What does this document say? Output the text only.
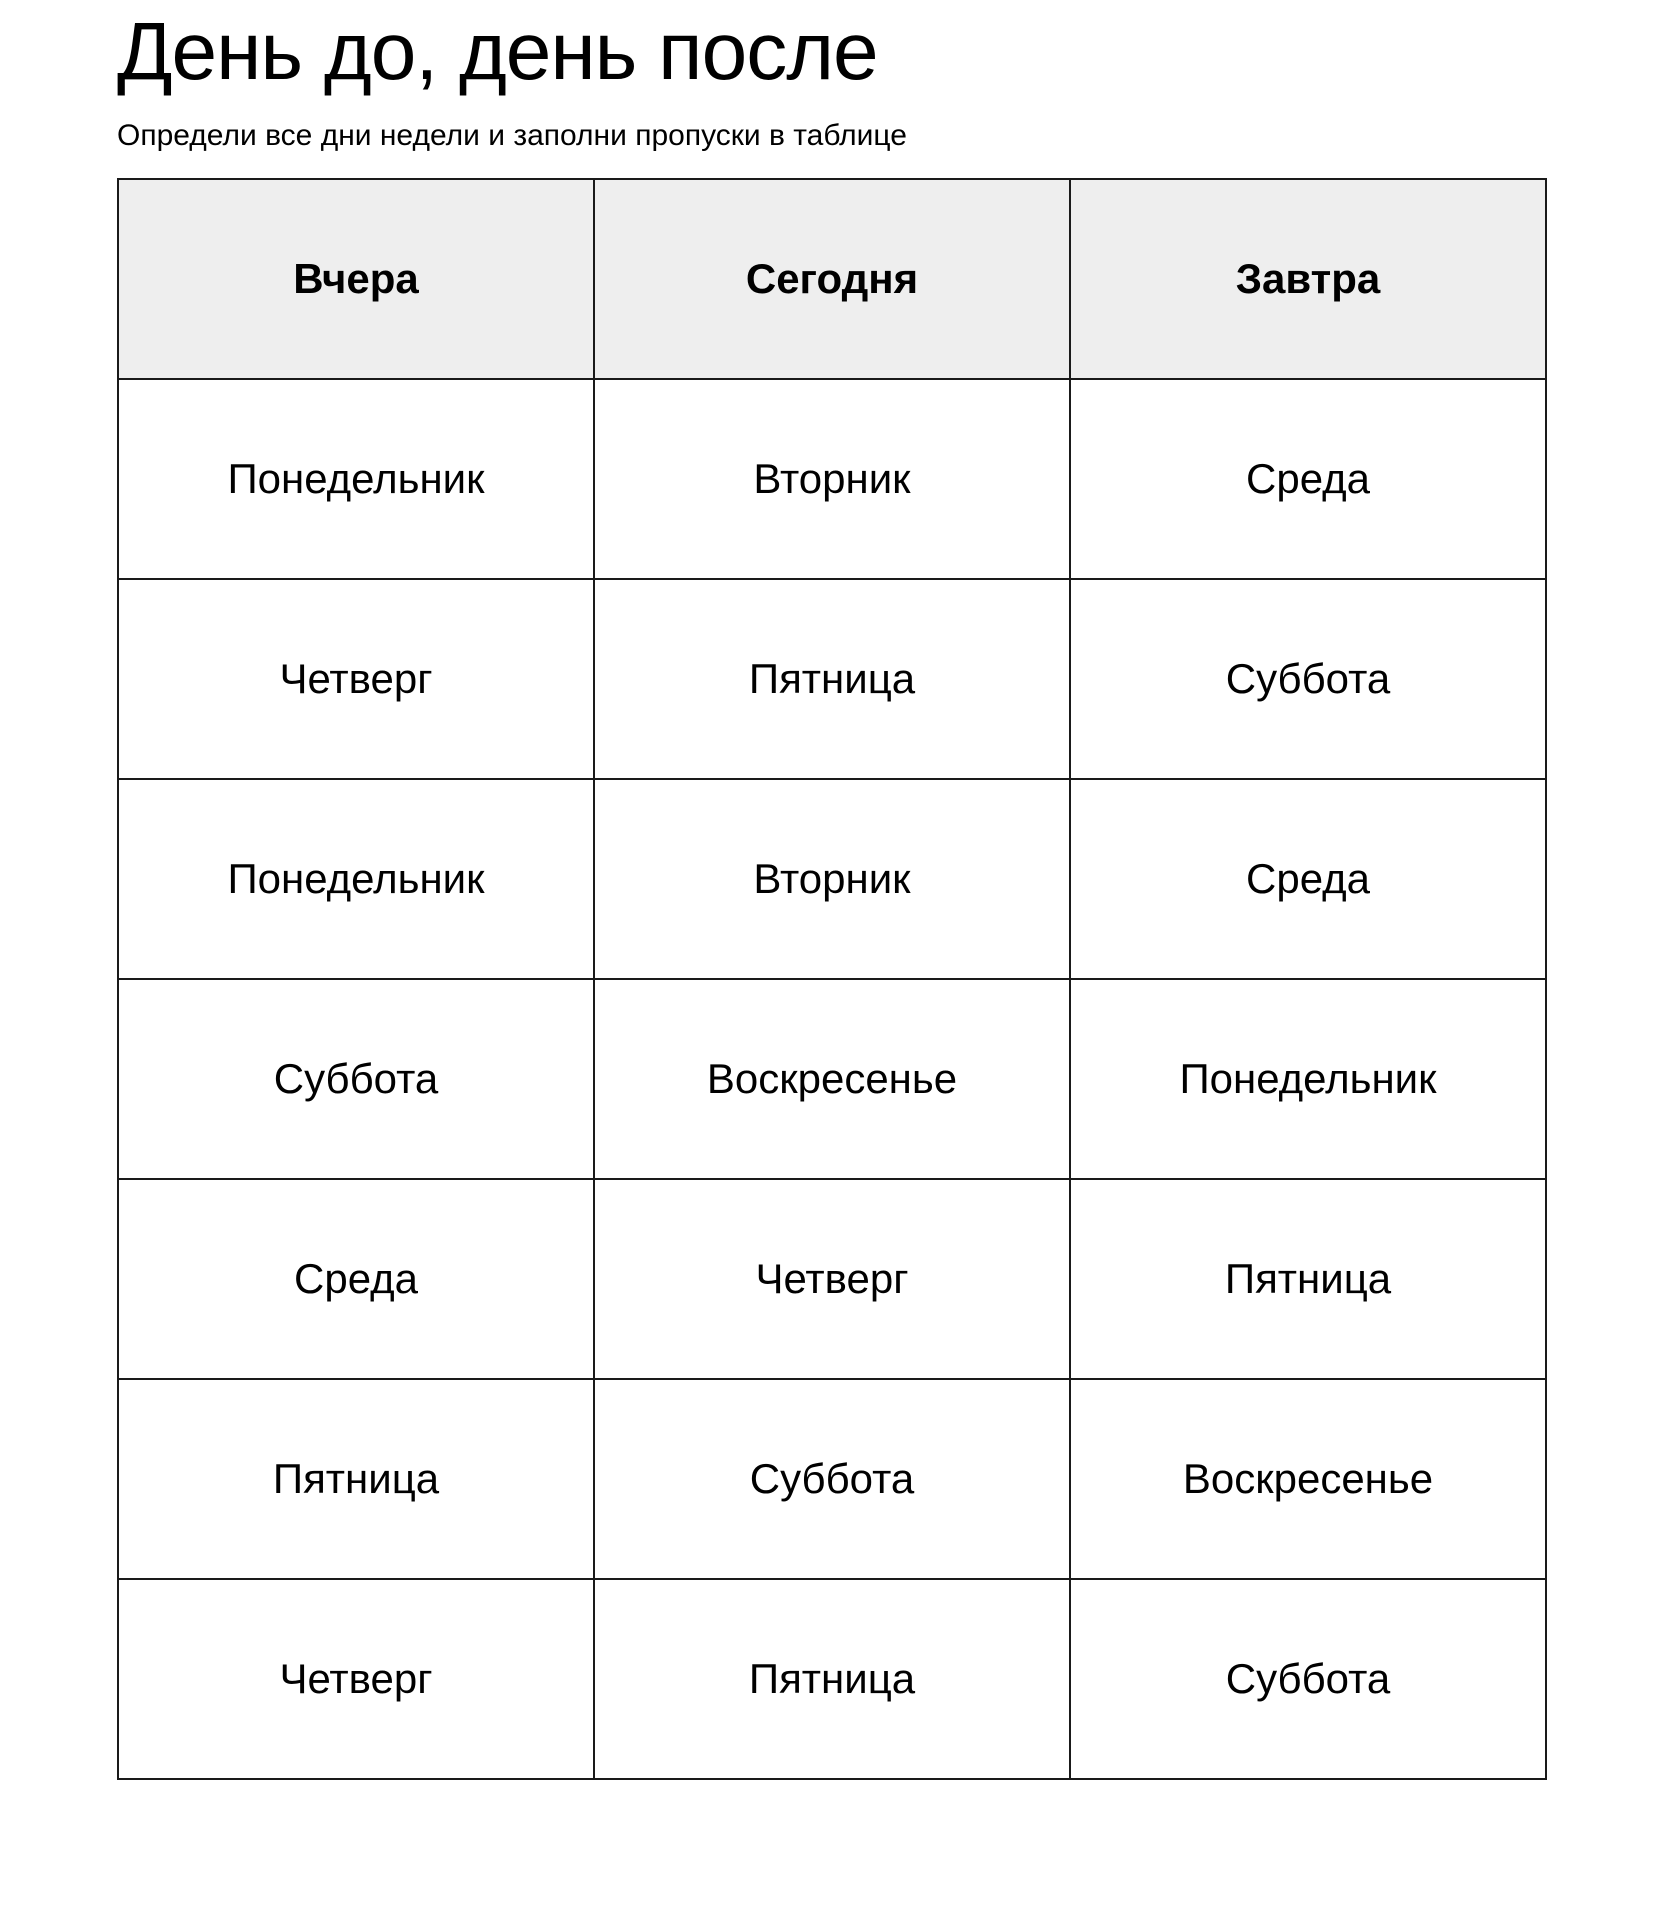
День до, день после

Определи все дни недели и заполни пропуски в таблице

Вчера	Сегодня	Завтра
Понедельник	Вторник	Среда
Четверг	Пятница	Суббота
Понедельник	Вторник	Среда
Суббота	Воскресенье	Понедельник
Среда	Четверг	Пятница
Пятница	Суббота	Воскресенье
Четверг	Пятница	Суббота
